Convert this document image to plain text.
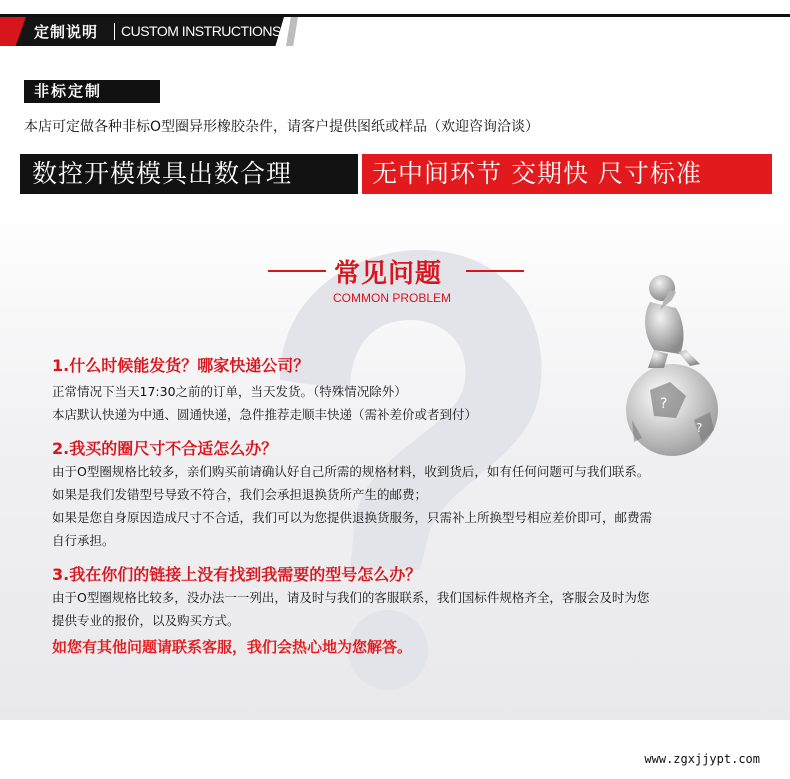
定制说明 CUSTOM INSTRUCTIONS
非标定制
本店可定做各种非标O型圈异形橡胶杂件，请客户提供图纸或样品（欢迎咨询洽谈）
数控开模模具出数合理	无中间环节 交期快 尺寸标准
常见问题
COMMON PROBLEM
?
?
1.什么时候能发货？哪家快递公司？
正常情况下当天17:30之前的订单，当天发货。（特殊情况除外）
本店默认快递为中通、圆通快递，急件推荐走顺丰快递（需补差价或者到付）
2.我买的圈尺寸不合适怎么办？
由于O型圈规格比较多，亲们购买前请确认好自己所需的规格材料，收到货后，如有任何问题可与我们联系。
如果是我们发错型号导致不符合，我们会承担退换货所产生的邮费；
如果是您自身原因造成尺寸不合适，我们可以为您提供退换货服务，只需补上所换型号相应差价即可，邮费需
自行承担。
3.我在你们的链接上没有找到我需要的型号怎么办？
由于O型圈规格比较多，没办法一一列出，请及时与我们的客服联系，我们国标件规格齐全，客服会及时为您
提供专业的报价，以及购买方式。
如您有其他问题请联系客服，我们会热心地为您解答。
www.zgxjjypt.com
